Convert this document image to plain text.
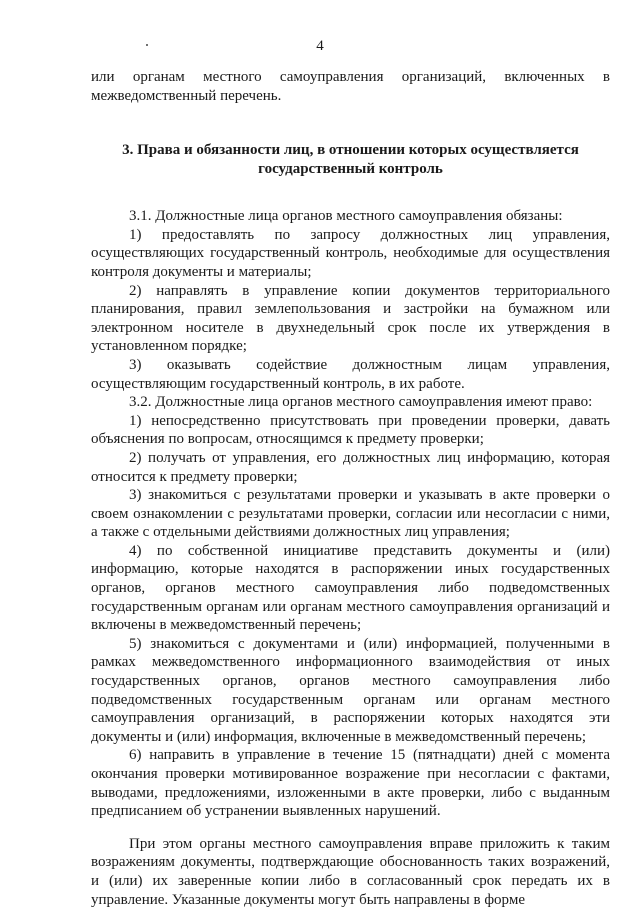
4

или органам местного самоуправления организаций, включенных в межведомственный перечень.

3. Права и обязанности лиц, в отношении которых осуществляется государственный контроль

3.1. Должностные лица органов местного самоуправления обязаны:

1) предоставлять по запросу должностных лиц управления, осуществляющих государственный контроль, необходимые для осуществления контроля документы и материалы;

2) направлять в управление копии документов территориального планирования, правил землепользования и застройки на бумажном или электронном носителе в двухнедельный срок после их утверждения в установленном порядке;

3) оказывать содействие должностным лицам управления, осуществляющим государственный контроль, в их работе.

3.2. Должностные лица органов местного самоуправления имеют право:

1) непосредственно присутствовать при проведении проверки, давать объяснения по вопросам, относящимся к предмету проверки;

2) получать от управления, его должностных лиц информацию, которая относится к предмету проверки;

3) знакомиться с результатами проверки и указывать в акте проверки о своем ознакомлении с результатами проверки, согласии или несогласии с ними, а также с отдельными действиями должностных лиц управления;

4) по собственной инициативе представить документы и (или) информацию, которые находятся в распоряжении иных государственных органов, органов местного самоуправления либо подведомственных государственным органам или органам местного самоуправления организаций и включены в межведомственный перечень;

5) знакомиться с документами и (или) информацией, полученными в рамках межведомственного информационного взаимодействия от иных государственных органов, органов местного самоуправления либо подведомственных государственным органам или органам местного самоуправления организаций, в распоряжении которых находятся эти документы и (или) информация, включенные в межведомственный перечень;

6) направить в управление в течение 15 (пятнадцати) дней с момента окончания проверки мотивированное возражение при несогласии с фактами, выводами, предложениями, изложенными в акте проверки, либо с выданным предписанием об устранении выявленных нарушений.

При этом органы местного самоуправления вправе приложить к таким возражениям документы, подтверждающие обоснованность таких возражений, и (или) их заверенные копии либо в согласованный срок передать их в управление. Указанные документы могут быть направлены в форме
